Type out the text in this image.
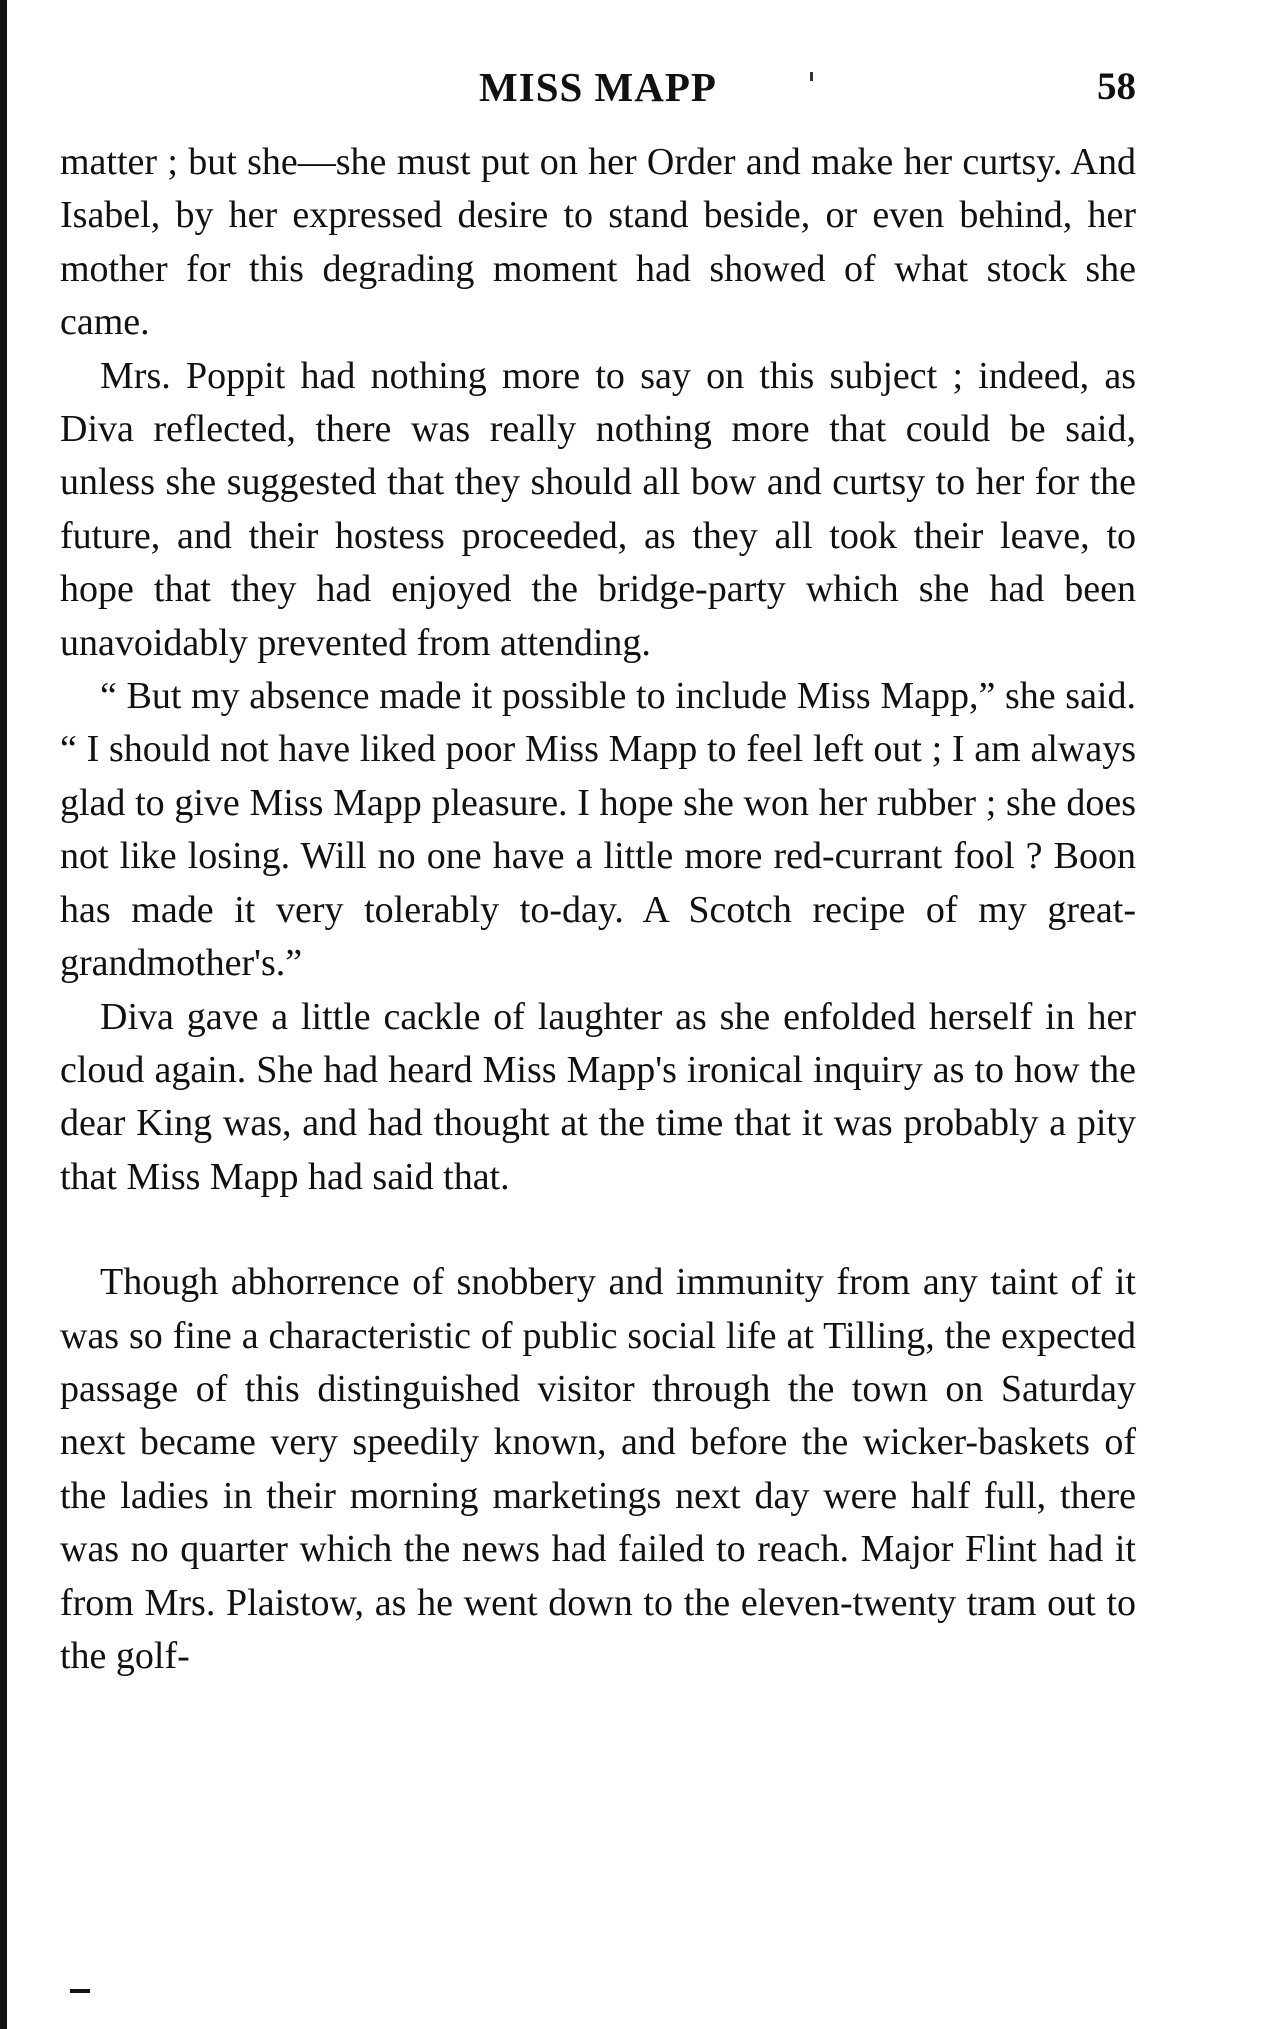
MISS MAPP	58

matter ; but she—she must put on her Order and make her curtsy. And Isabel, by her expressed desire to stand beside, or even behind, her mother for this degrading moment had showed of what stock she came.

Mrs. Poppit had nothing more to say on this subject ; indeed, as Diva reflected, there was really nothing more that could be said, unless she suggested that they should all bow and curtsy to her for the future, and their hostess proceeded, as they all took their leave, to hope that they had enjoyed the bridge-party which she had been unavoidably prevented from attending.

“ But my absence made it possible to include Miss Mapp,” she said. “ I should not have liked poor Miss Mapp to feel left out ; I am always glad to give Miss Mapp pleasure. I hope she won her rubber ; she does not like losing. Will no one have a little more red-currant fool ? Boon has made it very tolerably to-day. A Scotch recipe of my great-grandmother's.”

Diva gave a little cackle of laughter as she enfolded herself in her cloud again. She had heard Miss Mapp's ironical inquiry as to how the dear King was, and had thought at the time that it was probably a pity that Miss Mapp had said that.

Though abhorrence of snobbery and immunity from any taint of it was so fine a characteristic of public social life at Tilling, the expected passage of this distinguished visitor through the town on Saturday next became very speedily known, and before the wicker-baskets of the ladies in their morning marketings next day were half full, there was no quarter which the news had failed to reach. Major Flint had it from Mrs. Plaistow, as he went down to the eleven-twenty tram out to the golf-
